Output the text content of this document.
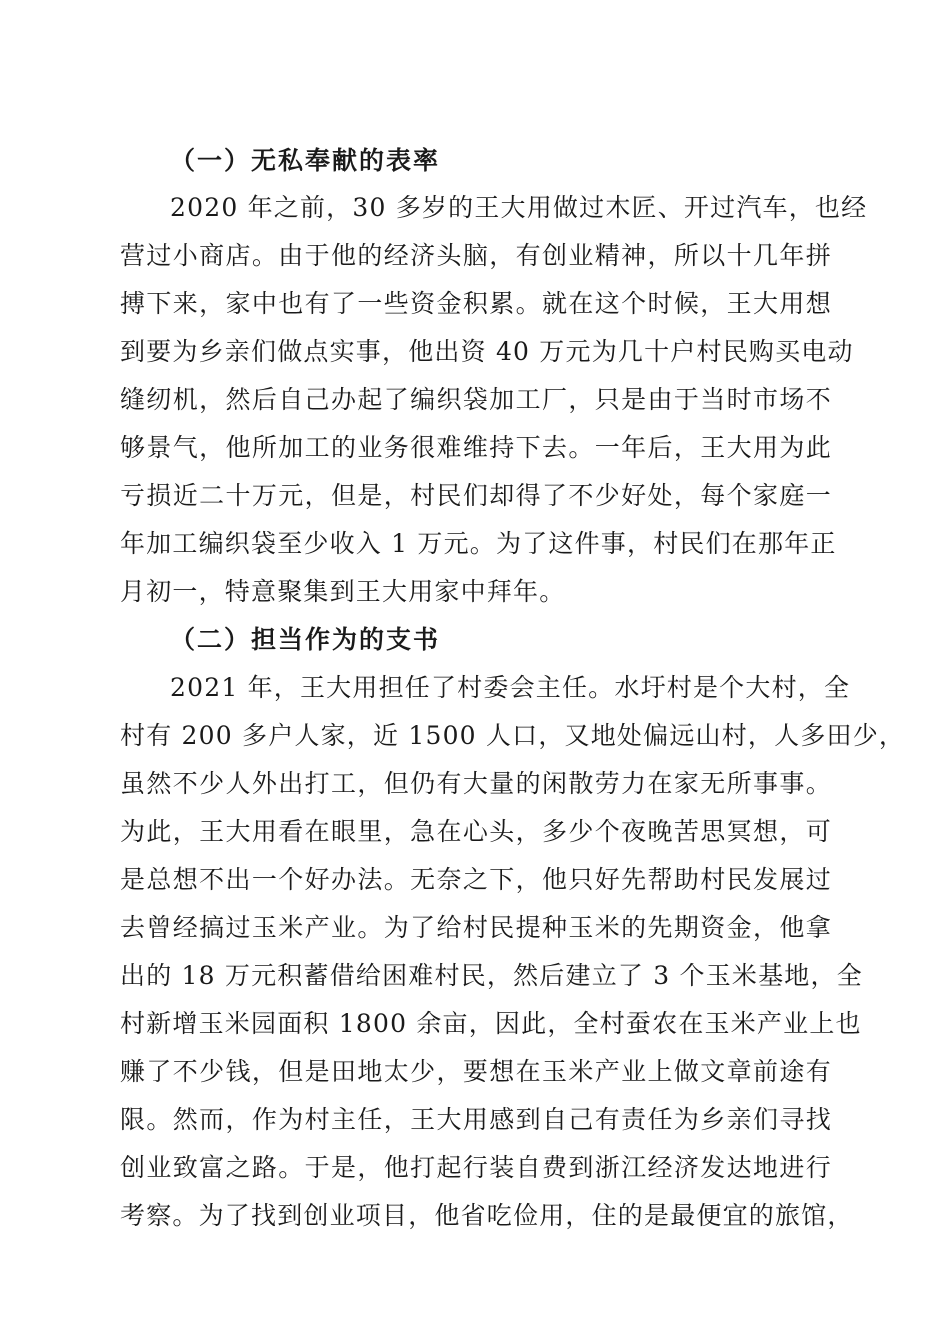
（一）无私奉献的表率
2020 年之前，30 多岁的王大用做过木匠、开过汽车，也经
营过小商店。由于他的经济头脑，有创业精神，所以十几年拼
搏下来，家中也有了一些资金积累。就在这个时候，王大用想
到要为乡亲们做点实事，他出资 40 万元为几十户村民购买电动
缝纫机，然后自己办起了编织袋加工厂，只是由于当时市场不
够景气，他所加工的业务很难维持下去。一年后，王大用为此
亏损近二十万元，但是，村民们却得了不少好处，每个家庭一
年加工编织袋至少收入 1 万元。为了这件事，村民们在那年正
月初一，特意聚集到王大用家中拜年。
（二）担当作为的支书
2021 年，王大用担任了村委会主任。水圩村是个大村，全
村有 200 多户人家，近 1500 人口，又地处偏远山村，人多田少，
虽然不少人外出打工，但仍有大量的闲散劳力在家无所事事。
为此，王大用看在眼里，急在心头，多少个夜晚苦思冥想，可
是总想不出一个好办法。无奈之下，他只好先帮助村民发展过
去曾经搞过玉米产业。为了给村民提种玉米的先期资金，他拿
出的 18 万元积蓄借给困难村民，然后建立了 3 个玉米基地，全
村新增玉米园面积 1800 余亩，因此，全村蚕农在玉米产业上也
赚了不少钱，但是田地太少，要想在玉米产业上做文章前途有
限。然而，作为村主任，王大用感到自己有责任为乡亲们寻找
创业致富之路。于是，他打起行装自费到浙江经济发达地进行
考察。为了找到创业项目，他省吃俭用，住的是最便宜的旅馆，
